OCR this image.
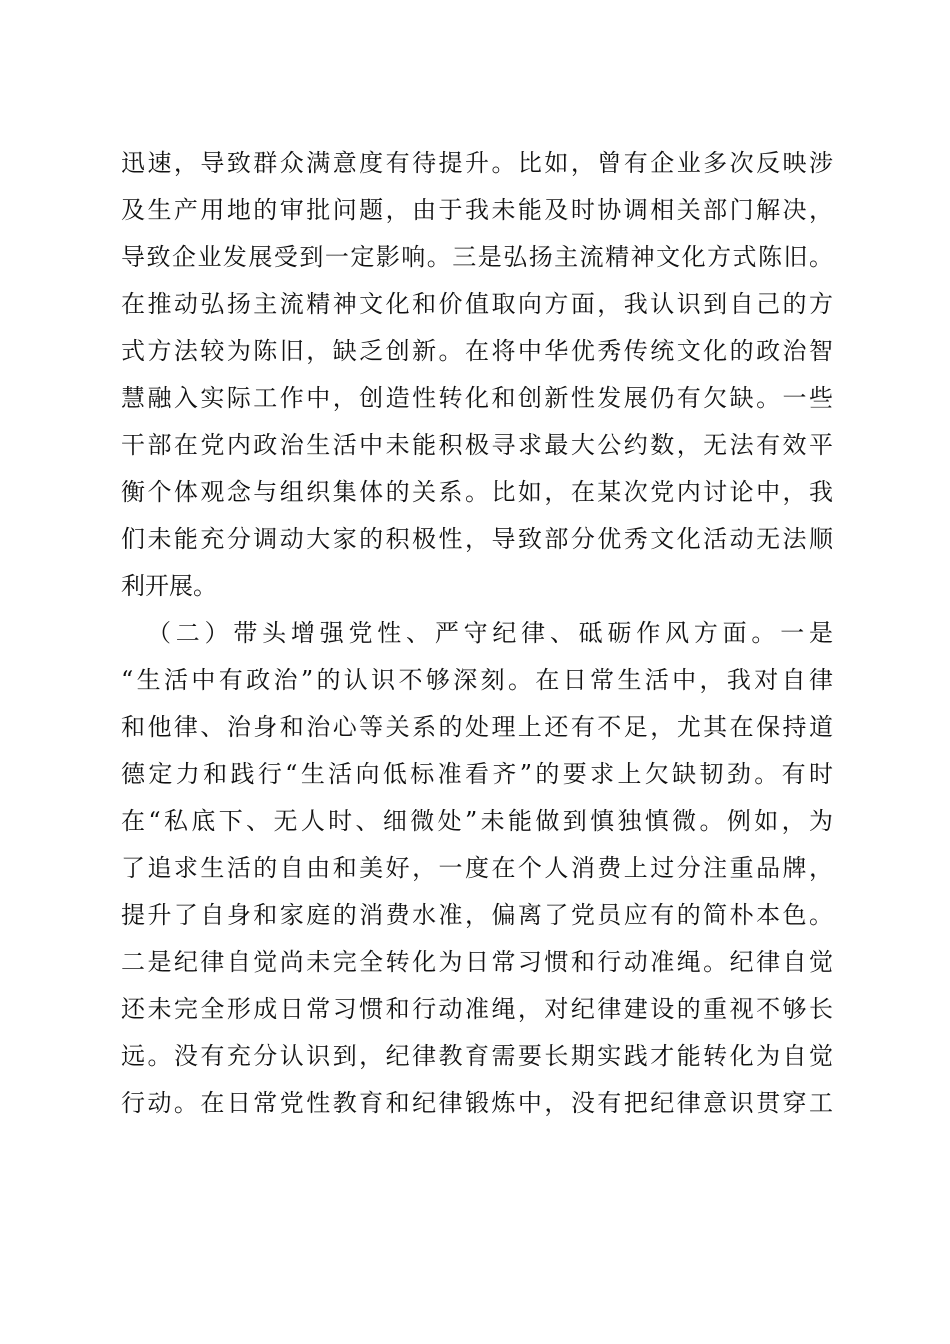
迅速，导致群众满意度有待提升。比如，曾有企业多次反映涉
及生产用地的审批问题，由于我未能及时协调相关部门解决，
导致企业发展受到一定影响。三是弘扬主流精神文化方式陈旧。
在推动弘扬主流精神文化和价值取向方面，我认识到自己的方
式方法较为陈旧，缺乏创新。在将中华优秀传统文化的政治智
慧融入实际工作中，创造性转化和创新性发展仍有欠缺。一些
干部在党内政治生活中未能积极寻求最大公约数，无法有效平
衡个体观念与组织集体的关系。比如，在某次党内讨论中，我
们未能充分调动大家的积极性，导致部分优秀文化活动无法顺
利开展。
（二）带头增强党性、严守纪律、砥砺作风方面。一是
“生活中有政治”的认识不够深刻。在日常生活中，我对自律
和他律、治身和治心等关系的处理上还有不足，尤其在保持道
德定力和践行“生活向低标准看齐”的要求上欠缺韧劲。有时
在“私底下、无人时、细微处”未能做到慎独慎微。例如，为
了追求生活的自由和美好，一度在个人消费上过分注重品牌，
提升了自身和家庭的消费水准，偏离了党员应有的简朴本色。
二是纪律自觉尚未完全转化为日常习惯和行动准绳。纪律自觉
还未完全形成日常习惯和行动准绳，对纪律建设的重视不够长
远。没有充分认识到，纪律教育需要长期实践才能转化为自觉
行动。在日常党性教育和纪律锻炼中，没有把纪律意识贯穿工
